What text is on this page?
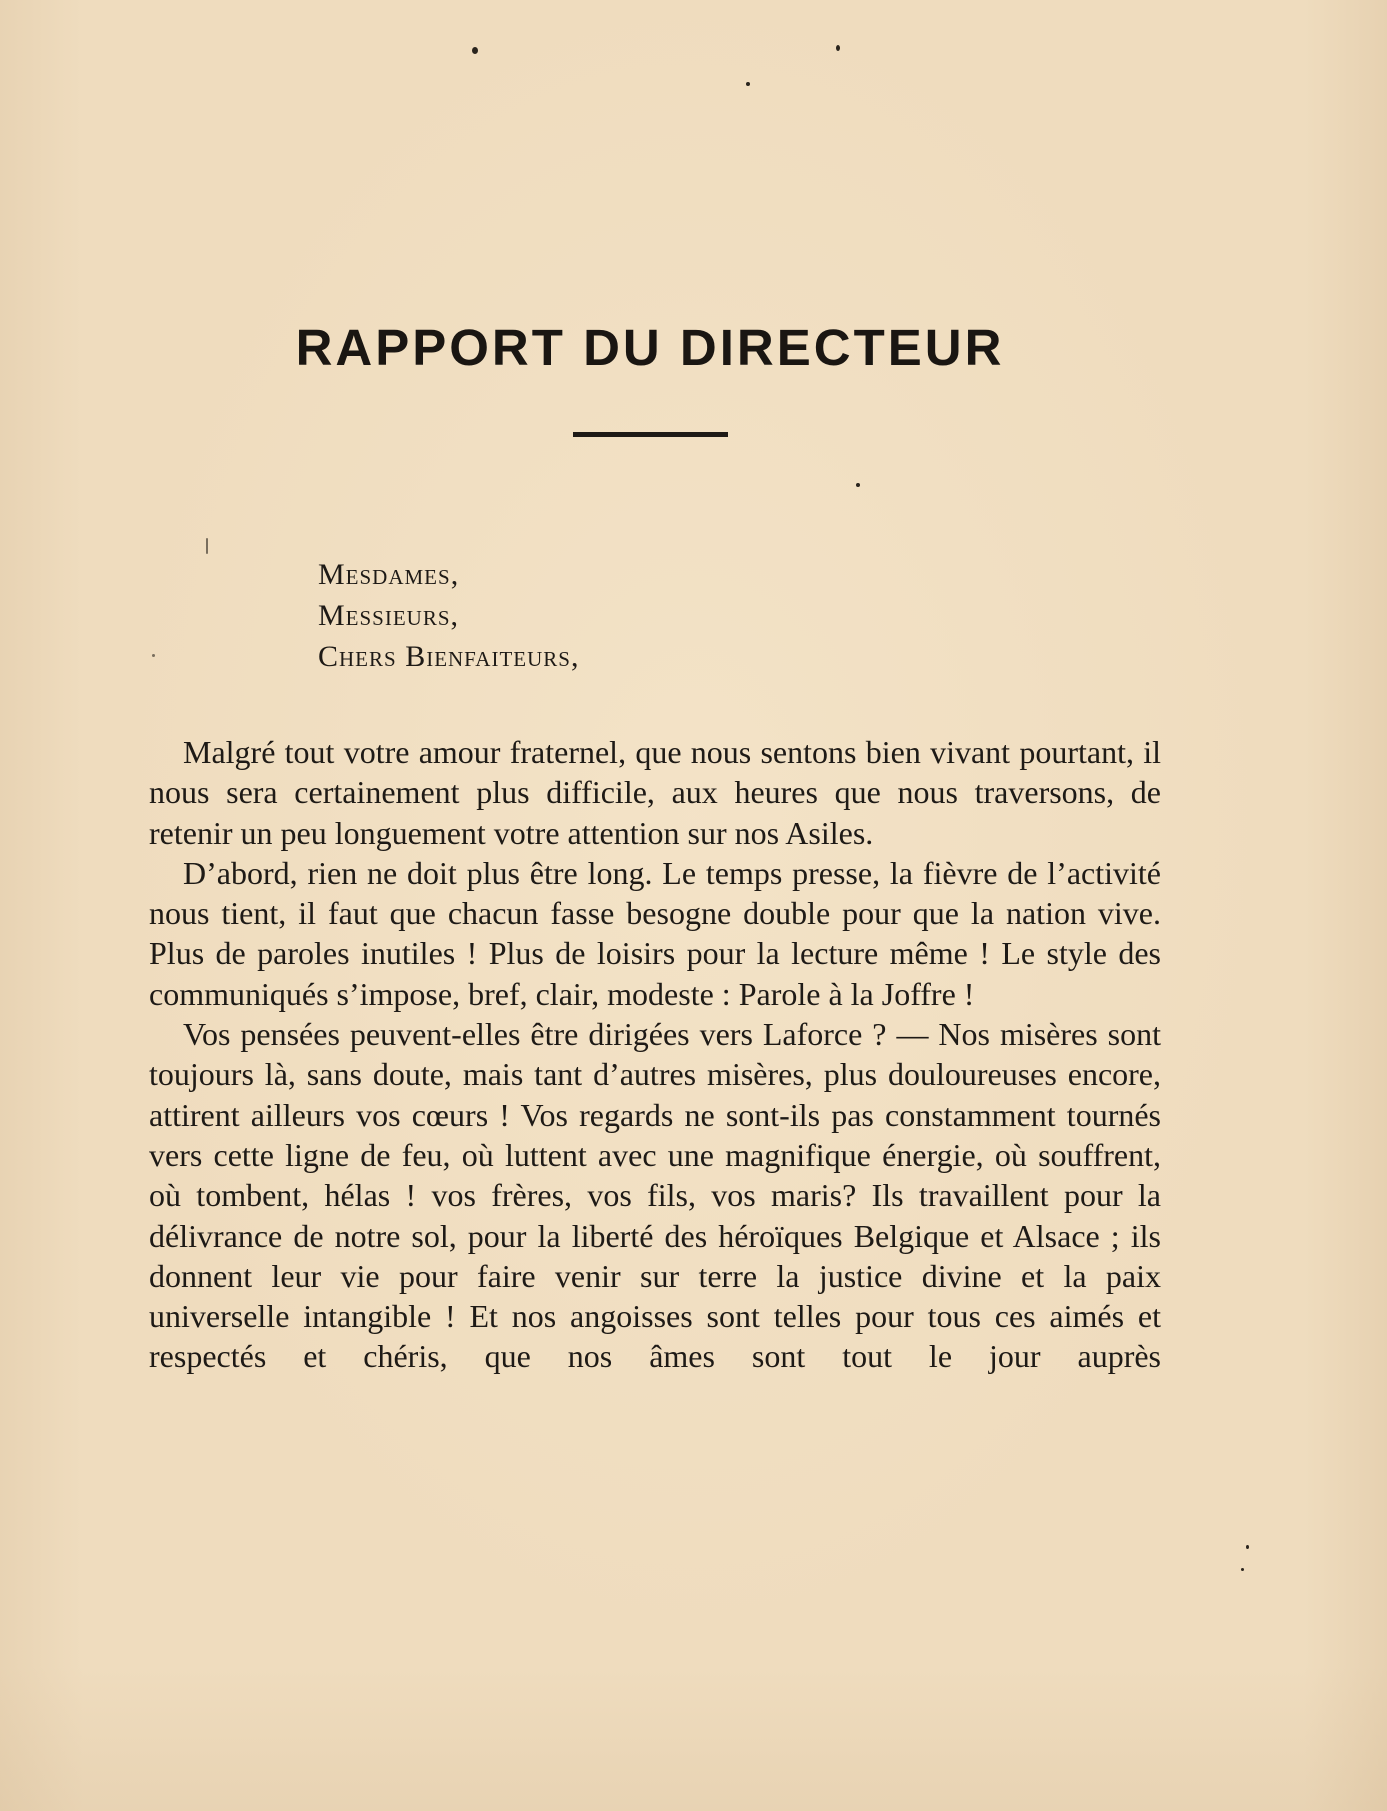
RAPPORT DU DIRECTEUR
Mesdames,
Messieurs,
Chers Bienfaiteurs,

Malgré tout votre amour fraternel, que nous sentons bien vivant pourtant, il nous sera certainement plus difficile, aux heures que nous traversons, de retenir un peu longuement votre attention sur nos Asiles.

D’abord, rien ne doit plus être long. Le temps presse, la fièvre de l’activité nous tient, il faut que chacun fasse besogne double pour que la nation vive. Plus de paroles inutiles ! Plus de loisirs pour la lecture même ! Le style des communiqués s’impose, bref, clair, modeste : Parole à la Joffre !

Vos pensées peuvent-elles être dirigées vers Laforce ? — Nos misères sont toujours là, sans doute, mais tant d’autres misères, plus douloureuses encore, attirent ailleurs vos cœurs ! Vos regards ne sont-ils pas constamment tournés vers cette ligne de feu, où luttent avec une magnifique énergie, où souffrent, où tombent, hélas ! vos frères, vos fils, vos maris? Ils travaillent pour la délivrance de notre sol, pour la liberté des héroïques Belgique et Alsace ; ils donnent leur vie pour faire venir sur terre la justice divine et la paix universelle intangible ! Et nos angoisses sont telles pour tous ces aimés et respectés et chéris, que nos âmes sont tout le jour auprès
